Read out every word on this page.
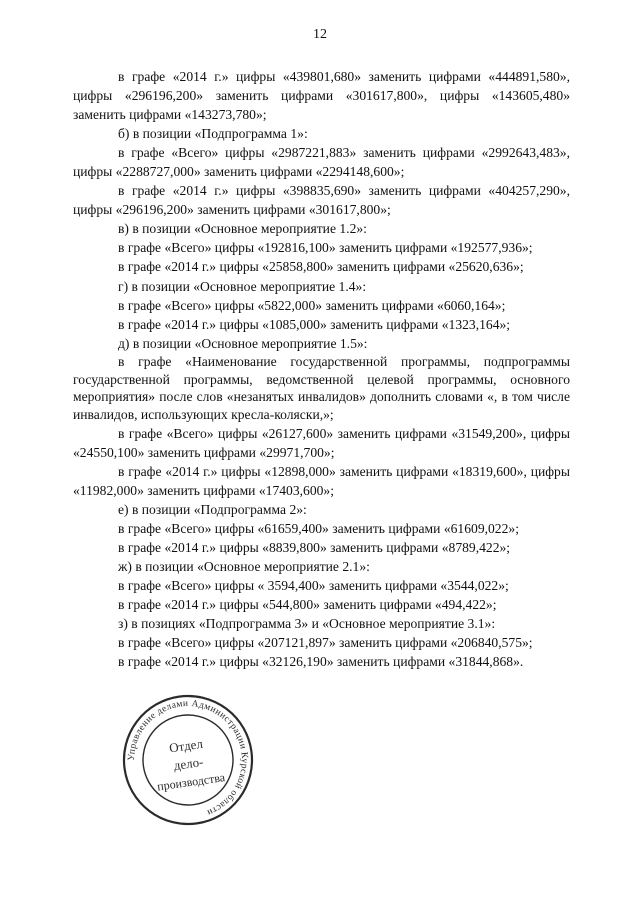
12

в графе «2014 г.» цифры «439801,680» заменить цифрами «444891,580», цифры «296196,200» заменить цифрами «301617,800», цифры «143605,480» заменить цифрами «143273,780»;

б) в позиции «Подпрограмма 1»:

в графе «Всего» цифры «2987221,883» заменить цифрами «2992643,483», цифры «2288727,000» заменить цифрами «2294148,600»;

в графе «2014 г.» цифры «398835,690» заменить цифрами «404257,290», цифры «296196,200» заменить цифрами «301617,800»;

в) в позиции «Основное мероприятие 1.2»:

в графе «Всего» цифры «192816,100» заменить цифрами «192577,936»;

в графе «2014 г.» цифры «25858,800» заменить цифрами «25620,636»;

г) в позиции «Основное мероприятие 1.4»:

в графе «Всего» цифры «5822,000» заменить цифрами «6060,164»;

в графе «2014 г.» цифры «1085,000» заменить цифрами «1323,164»;

д) в позиции «Основное мероприятие 1.5»:

в графе «Наименование государственной программы, подпрограммы государственной программы, ведомственной целевой программы, основного мероприятия» после слов «незанятых инвалидов» дополнить словами «, в том числе инвалидов, использующих кресла-коляски,»;

в графе «Всего» цифры «26127,600» заменить цифрами «31549,200», цифры «24550,100» заменить цифрами «29971,700»;

в графе «2014 г.» цифры «12898,000» заменить цифрами «18319,600», цифры «11982,000» заменить цифрами «17403,600»;

е) в позиции «Подпрограмма 2»:

в графе «Всего» цифры «61659,400» заменить цифрами «61609,022»;

в графе «2014 г.» цифры «8839,800» заменить цифрами «8789,422»;

ж) в позиции «Основное мероприятие 2.1»:

в графе «Всего» цифры « 3594,400» заменить цифрами «3544,022»;

в графе «2014 г.» цифры «544,800» заменить цифрами «494,422»;

з) в позициях «Подпрограмма 3» и «Основное мероприятие 3.1»:

в графе «Всего» цифры «207121,897» заменить цифрами «206840,575»;

в графе «2014 г.» цифры «32126,190» заменить цифрами «31844,868».

Управление делами Администрации Курской области
Отдел
дело-
производства
